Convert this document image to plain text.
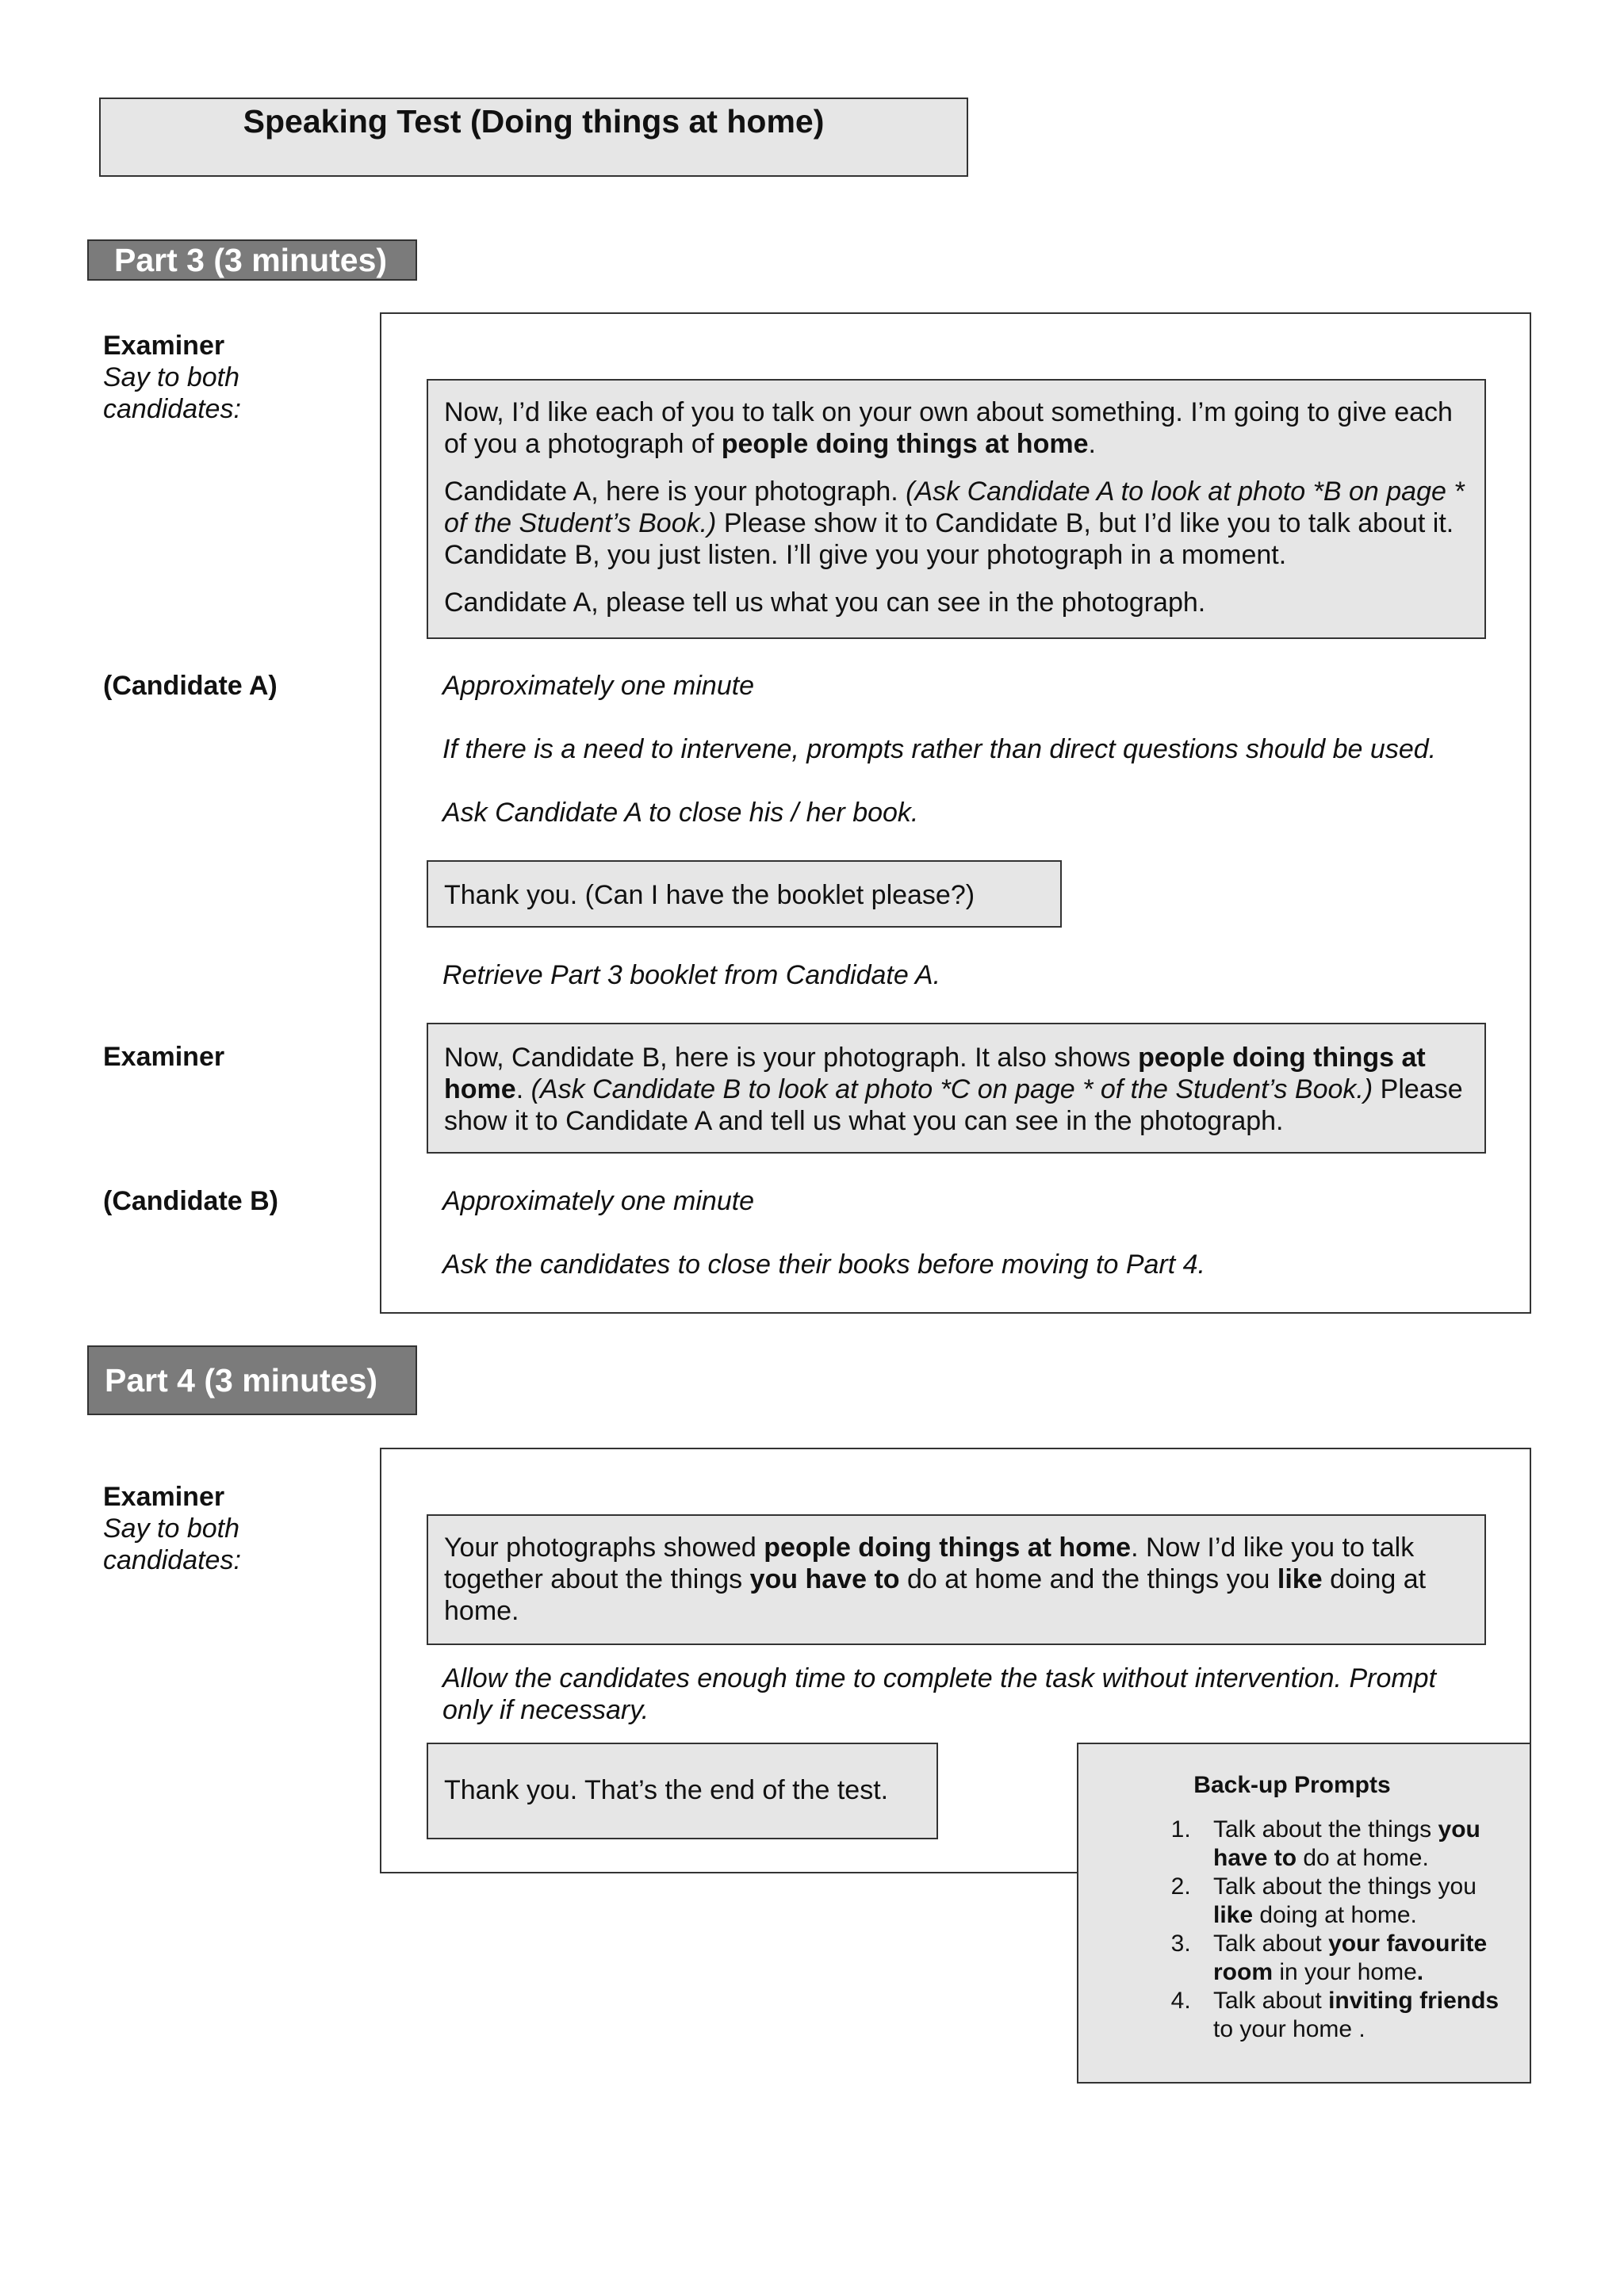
Speaking Test (Doing things at home)
Part 3 (3 minutes)
Examiner
Say to both candidates:	Now, I’d like each of you to talk on your own about something. I’m going to give each of you a photograph of people doing things at home.

Candidate A, here is your photograph. (Ask Candidate A to look at photo *B on page * of the Student’s Book.) Please show it to Candidate B, but I’d like you to talk about it. Candidate B, you just listen. I’ll give you your photograph in a moment.

Candidate A, please tell us what you can see in the photograph.

(Candidate A)	Approximately one minute
If there is a need to intervene, prompts rather than direct questions should be used.
Ask Candidate A to close his / her book.
Thank you. (Can I have the booklet please?)
Retrieve Part 3 booklet from Candidate A.
Examiner	Now, Candidate B, here is your photograph. It also shows people doing things at home. (Ask Candidate B to look at photo *C on page * of the Student’s Book.) Please show it to Candidate A and tell us what you can see in the photograph.
(Candidate B)	Approximately one minute
Ask the candidates to close their books before moving to Part 4.
Part 4 (3 minutes)
Examiner
Say to both candidates:	Your photographs showed people doing things at home. Now I’d like you to talk together about the things you have to do at home and the things you like doing at home.
Allow the candidates enough time to complete the task without intervention. Prompt only if necessary.
Thank you. That’s the end of the test.	Back-up Prompts
1. Talk about the things you have to do at home.
2. Talk about the things you like doing at home.
3. Talk about your favourite room in your home.
4. Talk about inviting friends to your home .
